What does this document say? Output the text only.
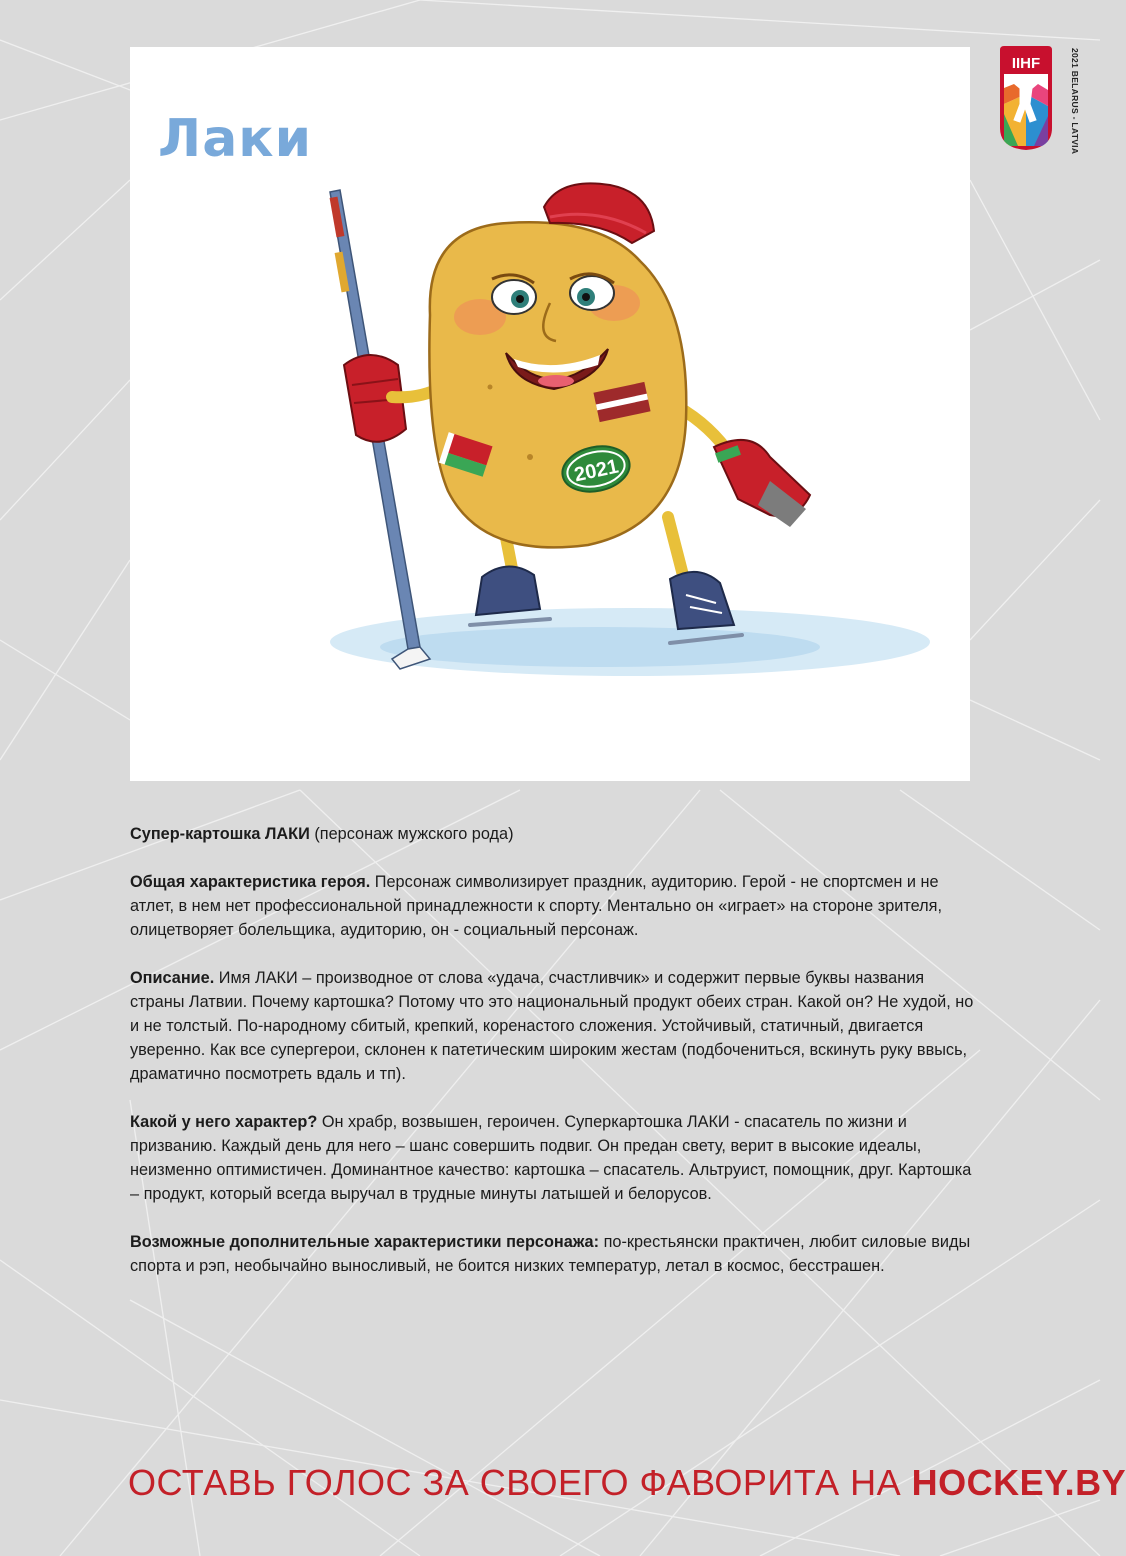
IIHF	2021 BELARUS - LATVIA
Лаки
2021

Супер-картошка ЛАКИ (персонаж мужского рода)

Общая характеристика героя. Персонаж символизирует праздник, аудиторию. Герой - не спортсмен и не атлет, в нем нет профессиональной принадлежности к спорту. Ментально он «играет» на стороне зрителя, олицетворяет болельщика, аудиторию, он - социальный персонаж.

Описание. Имя ЛАКИ – производное от слова «удача, счастливчик» и содержит первые буквы названия страны Латвии. Почему картошка? Потому что это национальный продукт обеих стран. Какой он? Не худой, но и не толстый. По-народному сбитый, крепкий, коренастого сложения. Устойчивый, статичный, двигается уверенно. Как все супергерои, склонен к патетическим широким жестам (подбочениться, вскинуть руку ввысь, драматично посмотреть вдаль и тп).

Какой у него характер? Он храбр, возвышен, героичен. Суперкартошка ЛАКИ - спасатель по жизни и призванию. Каждый день для него – шанс совершить подвиг. Он предан свету, верит в высокие идеалы, неизменно оптимистичен. Доминантное качество: картошка – спасатель. Альтруист, помощник, друг. Картошка – продукт, который всегда выручал в трудные минуты латышей и белорусов.

Возможные дополнительные характеристики персонажа: по-крестьянски практичен, любит силовые виды спорта и рэп, необычайно выносливый, не боится низких температур, летал в космос, бесстрашен.

ОСТАВЬ ГОЛОС ЗА СВОЕГО ФАВОРИТА НА HOCKEY.BY
